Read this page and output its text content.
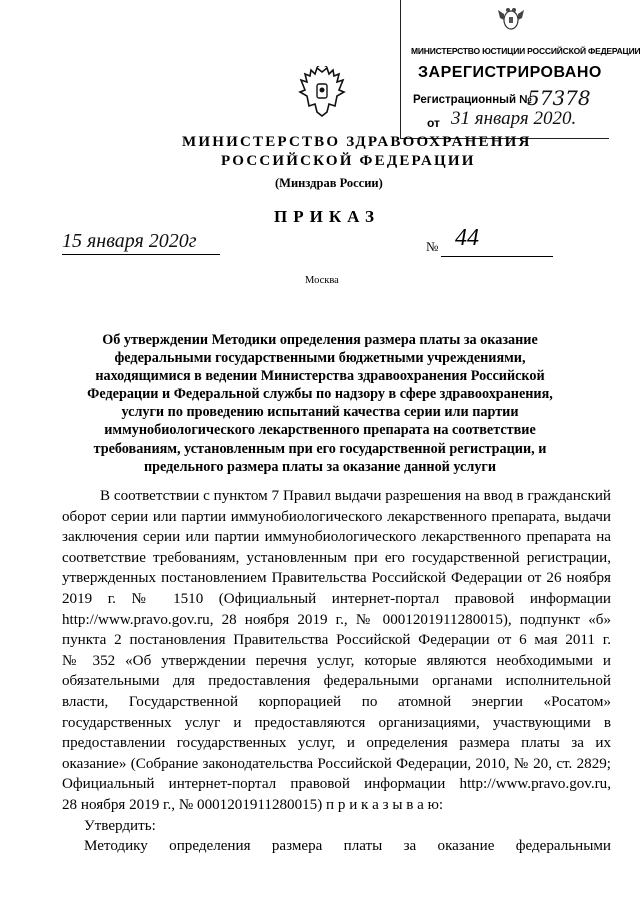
МИНИСТЕРСТВО ЮСТИЦИИ РОССИЙСКОЙ ФЕДЕРАЦИИ
ЗАРЕГИСТРИРОВАНО
Регистрационный №
57378
от 31 января 2020.
МИНИСТЕРСТВО ЗДРАВООХРАНЕНИЯ
РОССИЙСКОЙ ФЕДЕРАЦИИ
(Минздрав России)
ПРИКАЗ
15 января 2020г	№ 44
Москва
Об утверждении Методики определения размера платы за оказание
федеральными государственными бюджетными учреждениями,
находящимися в ведении Министерства здравоохранения Российской
Федерации и Федеральной службы по надзору в сфере здравоохранения,
услуги по проведению испытаний качества серии или партии
иммунобиологического лекарственного препарата на соответствие
требованиям, установленным при его государственной регистрации, и
предельного размера платы за оказание данной услуги
В соответствии с пунктом 7 Правил выдачи разрешения на ввод в гражданский
оборот серии или партии иммунобиологического лекарственного препарата, выдачи
заключения серии или партии иммунобиологического лекарственного препарата на
соответствие требованиям, установленным при его государственной регистрации,
утвержденных постановлением Правительства Российской Федерации от 26 ноября
2019 г. № 1510 (Официальный интернет-портал правовой информации
http://www.pravo.gov.ru, 28 ноября 2019 г., № 0001201911280015), подпункт «б»
пункта 2 постановления Правительства Российской Федерации от 6 мая 2011 г.
№ 352 «Об утверждении перечня услуг, которые являются необходимыми и
обязательными для предоставления федеральными органами исполнительной
власти, Государственной корпорацией по атомной энергии «Росатом»
государственных услуг и предоставляются организациями, участвующими в
предоставлении государственных услуг, и определения размера платы за их
оказание» (Собрание законодательства Российской Федерации, 2010, № 20, ст. 2829;
Официальный интернет-портал правовой информации http://www.pravo.gov.ru,
28 ноября 2019 г., № 0001201911280015) п р и к а з ы в а ю:
Утвердить:
Методику определения размера платы за оказание федеральными
